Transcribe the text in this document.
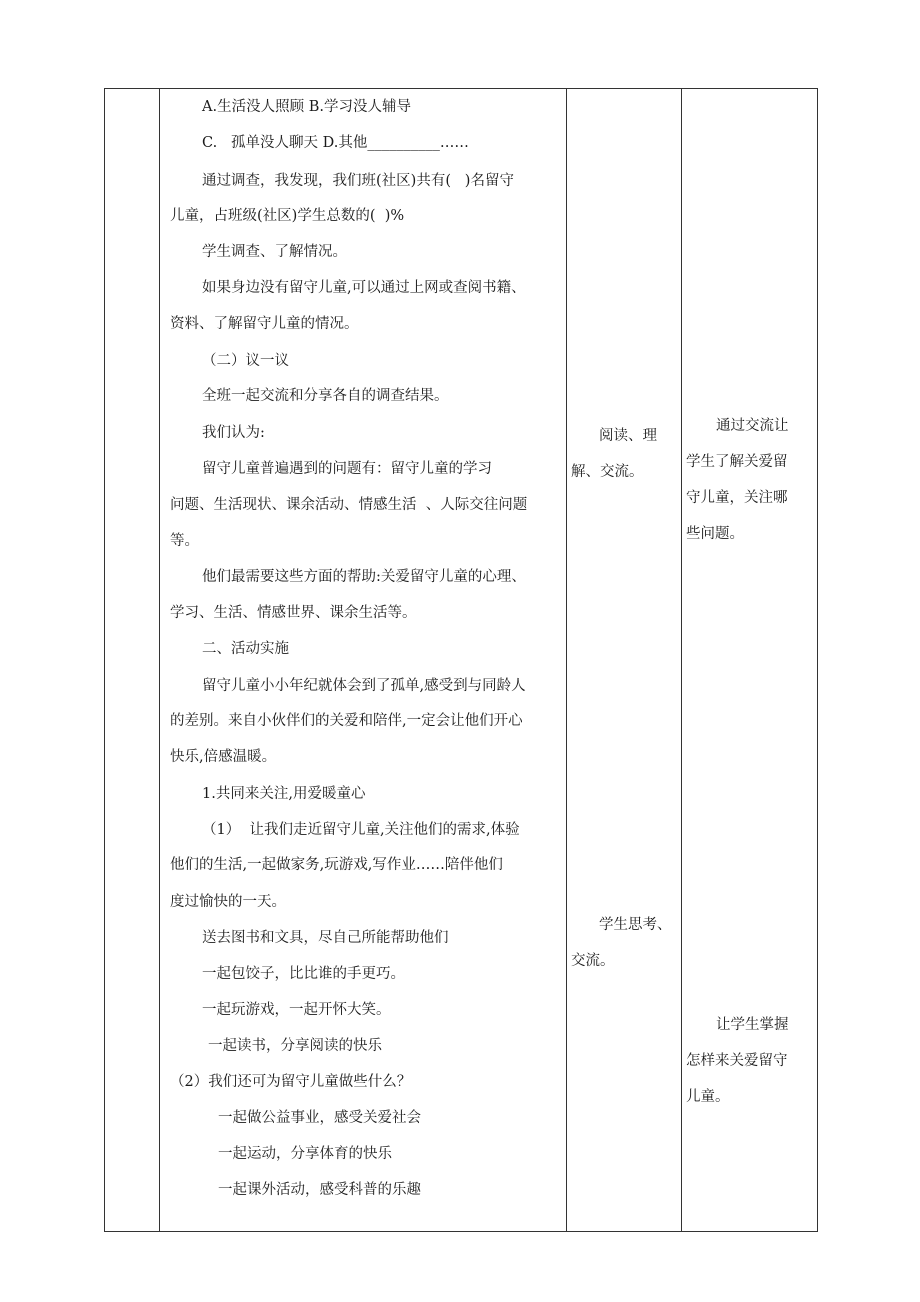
A.生活没人照顾 B.学习没人辅导
C.   孤单没人聊天 D.其他__________……
通过调查，我发现，我们班(社区)共有(   )名留守
儿童，占班级(社区)学生总数的(  )%
学生调查、了解情况。
如果身边没有留守儿童,可以通过上网或查阅书籍、
资料、了解留守儿童的情况。
（二）议一议
全班一起交流和分享各自的调查结果。
我们认为:
留守儿童普遍遇到的问题有：留守儿童的学习
问题、生活现状、课余活动、情感生活  、人际交往问题
等。
他们最需要这些方面的帮助:关爱留守儿童的心理、
学习、生活、情感世界、课余生活等。
二、活动实施
留守儿童小小年纪就体会到了孤单,感受到与同龄人
的差别。来自小伙伴们的关爱和陪伴,一定会让他们开心
快乐,倍感温暖。
1.共同来关注,用爱暖童心
（1）  让我们走近留守儿童,关注他们的需求,体验
他们的生活,一起做家务,玩游戏,写作业……陪伴他们
度过愉快的一天。
送去图书和文具，尽自己所能帮助他们
一起包饺子，比比谁的手更巧。
一起玩游戏，一起开怀大笑。
一起读书，分享阅读的快乐
（2）我们还可为留守儿童做些什么？
一起做公益事业，感受关爱社会
一起运动，分享体育的快乐
一起课外活动，感受科普的乐趣
阅读、理
解、交流。
学生思考、
交流。
通过交流让
学生了解关爱留
守儿童，关注哪
些问题。
让学生掌握
怎样来关爱留守
儿童。
